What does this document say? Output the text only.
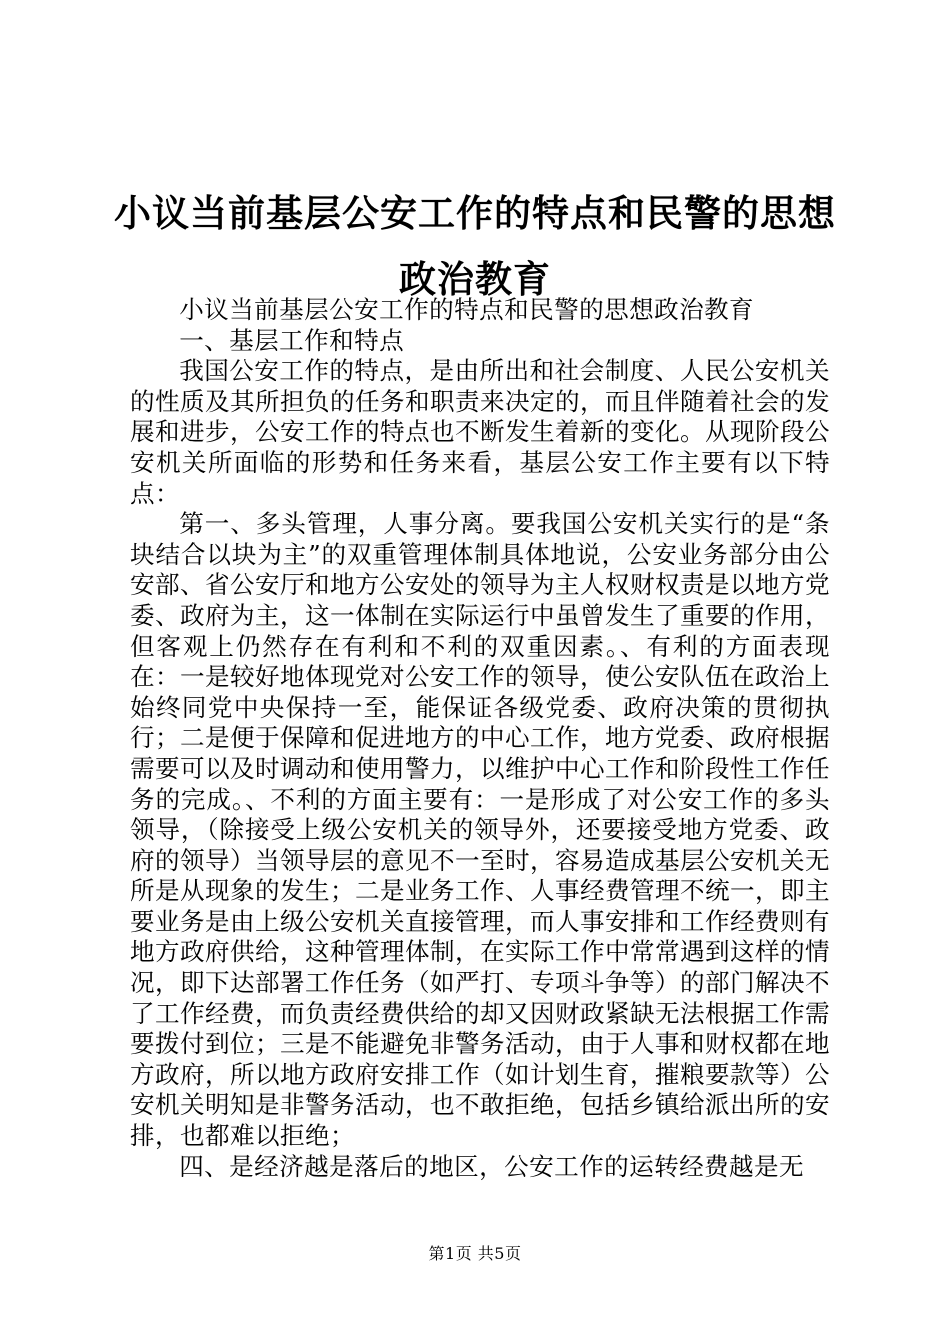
小议当前基层公安工作的特点和民警的思想政治教育

小议当前基层公安工作的特点和民警的思想政治教育

一、基层工作和特点

我国公安工作的特点，是由所出和社会制度、人民公安机关的性质及其所担负的任务和职责来决定的，而且伴随着社会的发展和进步，公安工作的特点也不断发生着新的变化。从现阶段公安机关所面临的形势和任务来看，基层公安工作主要有以下特点：

第一、多头管理，人事分离。要我国公安机关实行的是“条块结合以块为主”的双重管理体制具体地说，公安业务部分由公安部、省公安厅和地方公安处的领导为主人权财权责是以地方党委、政府为主，这一体制在实际运行中虽曾发生了重要的作用，但客观上仍然存在有利和不利的双重因素。、有利的方面表现在：一是较好地体现党对公安工作的领导，使公安队伍在政治上始终同党中央保持一至，能保证各级党委、政府决策的贯彻执行；二是便于保障和促进地方的中心工作，地方党委、政府根据需要可以及时调动和使用警力，以维护中心工作和阶段性工作任务的完成。、不利的方面主要有：一是形成了对公安工作的多头领导，（除接受上级公安机关的领导外，还要接受地方党委、政府的领导）当领导层的意见不一至时，容易造成基层公安机关无所是从现象的发生；二是业务工作、人事经费管理不统一，即主要业务是由上级公安机关直接管理，而人事安排和工作经费则有地方政府供给，这种管理体制，在实际工作中常常遇到这样的情况，即下达部署工作任务（如严打、专项斗争等）的部门解决不了工作经费，而负责经费供给的却又因财政紧缺无法根据工作需要拨付到位；三是不能避免非警务活动，由于人事和财权都在地方政府，所以地方政府安排工作（如计划生育，摧粮要款等）公安机关明知是非警务活动，也不敢拒绝，包括乡镇给派出所的安排，也都难以拒绝；

四、是经济越是落后的地区，公安工作的运转经费越是无

第1页 共5页
